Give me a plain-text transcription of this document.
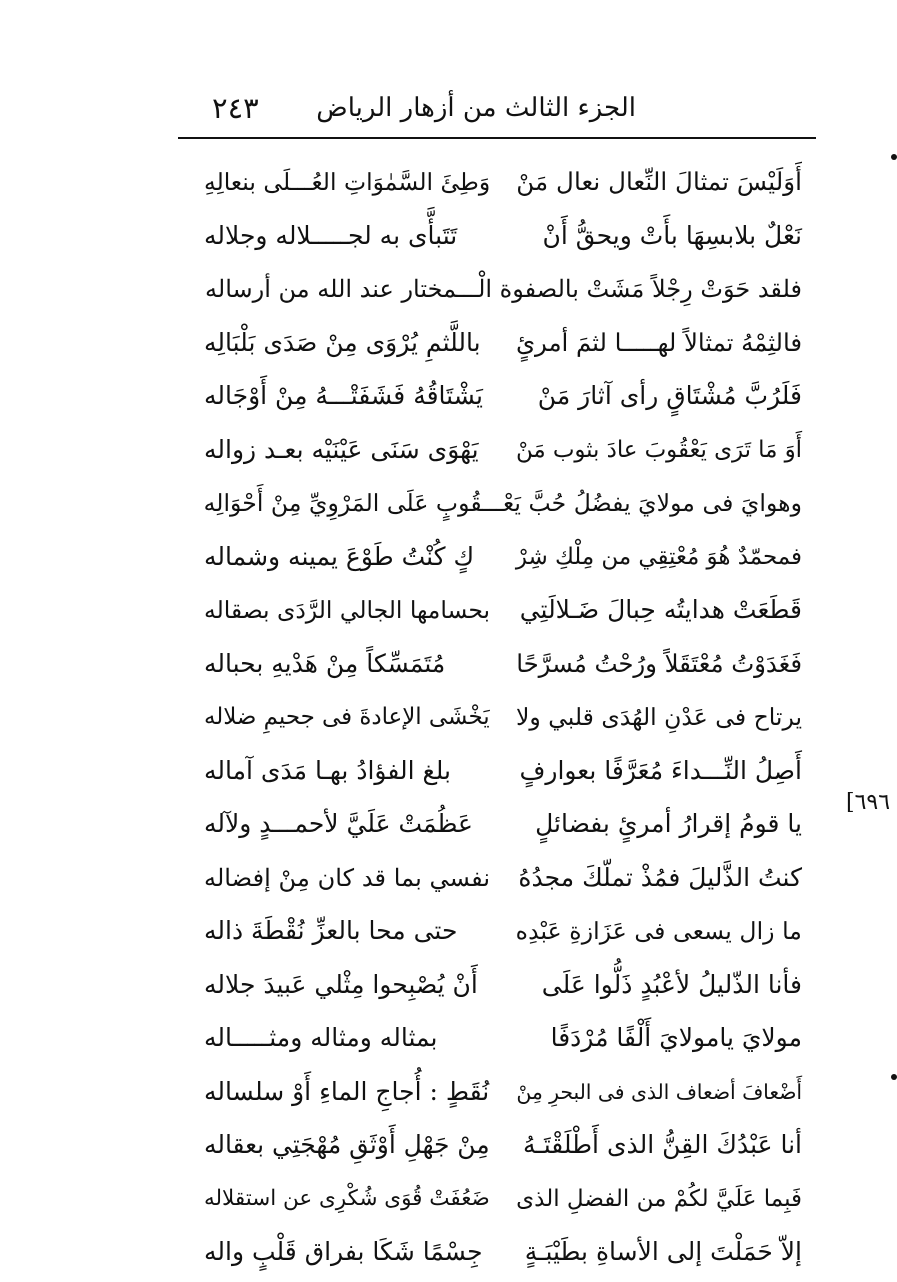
٢٤٣ الجزء الثالث من أزهار الرياض
[٦٩٦
أَوَلَيْسَ تمثالَ النِّعال نعال مَنْ
وَطِئَ السَّمٰوَاتِ العُـــلَى بنعالِهِ
نَعْلٌ بلابسِهَا بأَتْ ويحقُّ أَنْ
تَتَبأَّى به لجـــــلاله وجلاله
فلقد حَوَتْ رِجْلاً مَشَتْ بالصفوة الْـــمختار عند الله من أرساله
فالثِمْهُ تمثالاً لهـــــا لثمَ أمرئٍ
باللَّثمِ يُرْوَى مِنْ صَدَى بَلْبَالِه
فَلَرُبَّ مُشْتَاقٍ رأى آثارَ مَنْ
يَشْتَاقُهُ فَشَفَتْـــهُ مِنْ أَوْجَاله
أَوَ مَا تَرَى يَعْقُوبَ عادَ بثوب مَنْ
يَهْوَى سَنَى عَيْنَيْه بعـد زواله
وهوايَ فى مولايَ يفضُلُ حُبَّ يَعْـــقُوبٍ عَلَى المَرْوِيِّ مِنْ أَحْوَالِه
فمحمّدٌ هُوَ مُعْتِقِي من مِلْكِ شِرْ
كٍ كُنْتُ طَوْعَ يمينه وشماله
قَطَعَتْ هدايتُه حِبالَ ضَـلالَتِي
بحسامها الجالي الرَّدَى بصقاله
فَغَدَوْتُ مُعْتَقَلاً ورُحْتُ مُسرَّحًا
مُتَمَسِّكاً مِنْ هَدْيهِ بحباله
يرتاح فى عَدْنِ الهُدَى قلبي ولا
يَخْشَى الإعادةَ فى جحيمِ ضلاله
أَصِلُ النِّـــداءَ مُعَرَّفًا بعوارفٍ
بلغ الفؤادُ بهـا مَدَى آماله
يا قومُ إقرارُ أمرئٍ بفضائلٍ
عَظُمَتْ عَلَيَّ لأحمـــدٍ ولآله
كنتُ الذَّليلَ فمُذْ تملّكَ مجدُهُ
نفسي بما قد كان مِنْ إفضاله
ما زال يسعى فى عَزَازةِ عَبْدِه
حتى محا بالعزِّ نُقْطَةَ ذاله
فأنا الذّليلُ لأعْبُدٍ ذَلُّوا عَلَى
أَنْ يُصْبِحوا مِثْلي عَبيدَ جلاله
مولايَ يامولايَ أَلْفًا مُرْدَفًا
بمثاله ومثاله ومثـــــاله
أَضْعافَ أضعاف الذى فى البحرِ مِنْ
نُقَطٍ : أُجاجِ الماءِ أَوْ سلساله
أنا عَبْدُكَ القِنُّ الذى أَطْلَقْتَـهُ
مِنْ جَهْلِ أَوْثَقِ مُهْجَتِي بعقاله
فَبِما عَلَيَّ لكُمْ من الفضلِ الذى
ضَعُفَتْ قُوَى شُكْرِى عن استقلاله
إلاّ حَمَلْتَ إلى الأساةِ بطَيْبَـةٍ
جِسْمًا شَكَا بفراق قَلْبٍ واله
